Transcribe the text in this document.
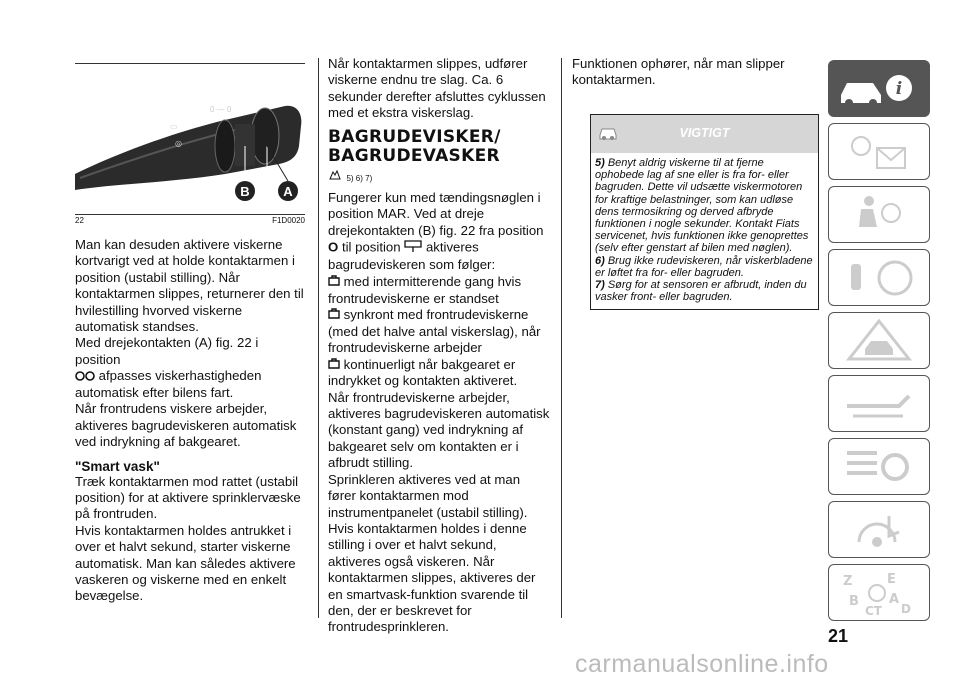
0 — 0
▭
◎
B	A
22	F1D0020

Man kan desuden aktivere viskerne kortvarigt ved at holde kontaktarmen i position (ustabil stilling). Når kontaktarmen slippes, returnerer den til hvilestilling hvorved viskerne automatisk standses.

Med drejekontakten (A) fig. 22 i position
afpasses viskerhastigheden automatisk efter bilens fart.

Når frontrudens viskere arbejder, aktiveres bagrudeviskeren automatisk ved indrykning af bakgearet.

"Smart vask"

Træk kontaktarmen mod rattet (ustabil position) for at aktivere sprinklervæske på frontruden.

Hvis kontaktarmen holdes antrukket i over et halvt sekund, starter viskerne automatisk. Man kan således aktivere vaskeren og viskerne med en enkelt bevægelse.

Når kontaktarmen slippes, udfører viskerne endnu tre slag. Ca. 6 sekunder derefter afsluttes cyklussen med et ekstra viskerslag.

BAGRUDEVISKER/ BAGRUDEVASKER
5) 6) 7)

Fungerer kun med tændingsnøglen i position MAR. Ved at dreje drejekontakten (B) fig. 22 fra position O til position aktiveres bagrudeviskeren som følger:

med intermitterende gang hvis frontrudeviskerne er standset

synkront med frontrudeviskerne (med det halve antal viskerslag), når frontrudeviskerne arbejder

kontinuerligt når bakgearet er indrykket og kontakten aktiveret.

Når frontrudeviskerne arbejder, aktiveres bagrudeviskeren automatisk (konstant gang) ved indrykning af bakgearet selv om kontakten er i afbrudt stilling.

Sprinkleren aktiveres ved at man fører kontaktarmen mod instrumentpanelet (ustabil stilling). Hvis kontaktarmen holdes i denne stilling i over et halvt sekund, aktiveres også viskeren. Når kontaktarmen slippes, aktiveres der en smartvask-funktion svarende til den, der er beskrevet for frontrudesprinkleren.

Funktionen ophører, når man slipper kontaktarmen.

VIGTIGT
5) Benyt aldrig viskerne til at fjerne ophobede lag af sne eller is fra for- eller bagruden. Dette vil udsætte viskermotoren for kraftige belastninger, som kan udløse dens termosikring og derved afbryde funktionen i nogle sekunder. Kontakt Fiats servicenet, hvis funktionen ikke genoprettes (selv efter genstart af bilen med nøglen).
6) Brug ikke rudeviskeren, når viskerbladene er løftet fra for- eller bagruden.
7) Sørg for at sensoren er afbrudt, inden du vasker front- eller bagruden.
i
Z	E
B A
CT D
21
carmanualsonline.info
